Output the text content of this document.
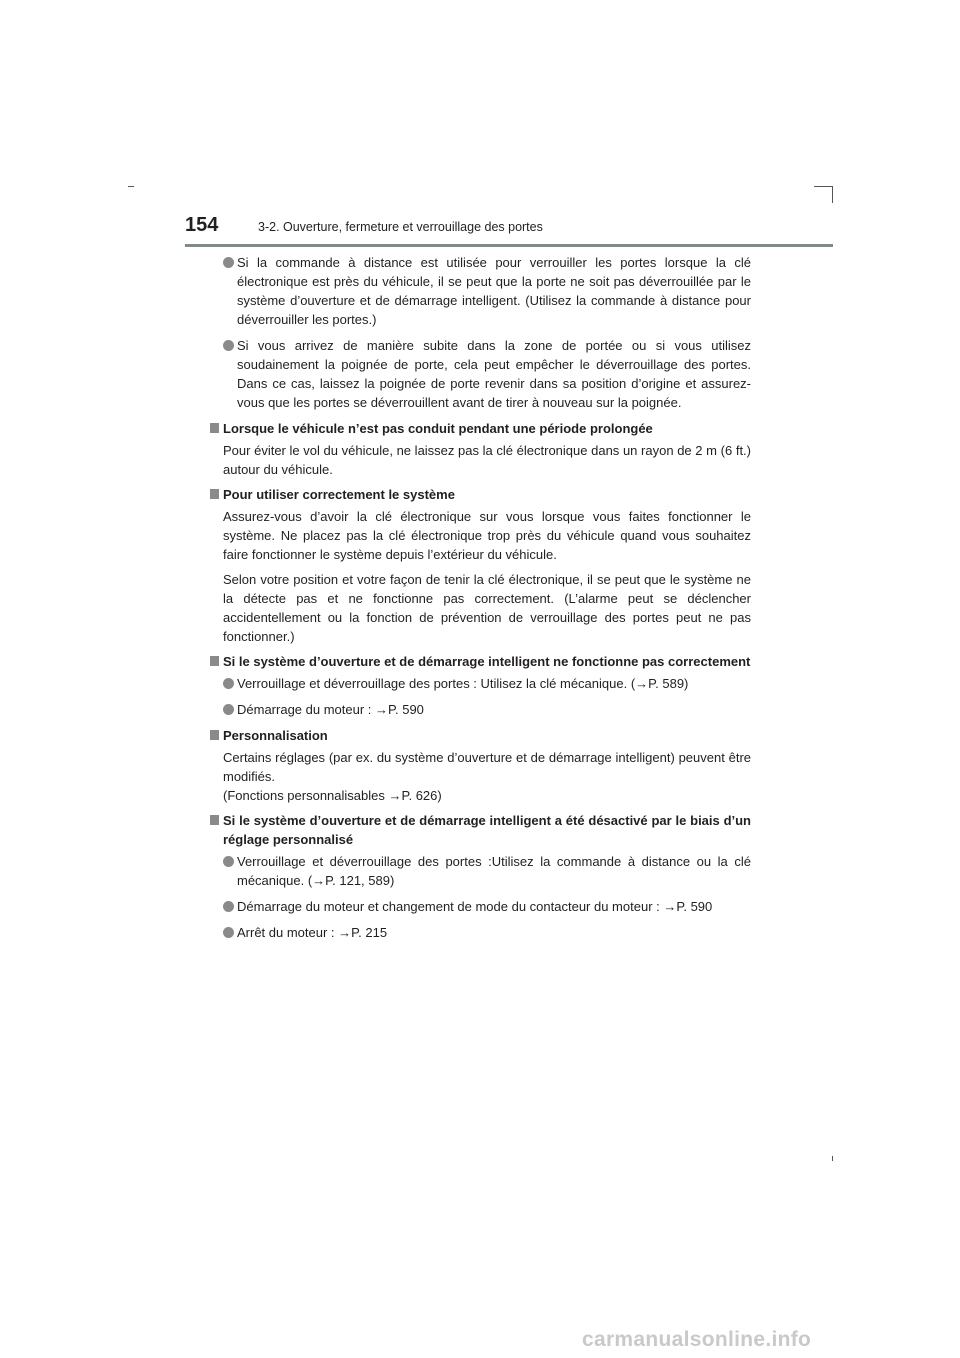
154	3-2. Ouverture, fermeture et verrouillage des portes
Si la commande à distance est utilisée pour verrouiller les portes lorsque la clé électronique est près du véhicule, il se peut que la porte ne soit pas déverrouillée par le système d’ouverture et de démarrage intelligent. (Utilisez la commande à distance pour déverrouiller les portes.)
Si vous arrivez de manière subite dans la zone de portée ou si vous utilisez soudainement la poignée de porte, cela peut empêcher le déverrouillage des portes. Dans ce cas, laissez la poignée de porte revenir dans sa position d’origine et assurez-vous que les portes se déverrouillent avant de tirer à nouveau sur la poignée.
Lorsque le véhicule n’est pas conduit pendant une période prolongée
Pour éviter le vol du véhicule, ne laissez pas la clé électronique dans un rayon de 2 m (6 ft.) autour du véhicule.
Pour utiliser correctement le système
Assurez-vous d’avoir la clé électronique sur vous lorsque vous faites fonctionner le système. Ne placez pas la clé électronique trop près du véhicule quand vous souhaitez faire fonctionner le système depuis l’extérieur du véhicule.
Selon votre position et votre façon de tenir la clé électronique, il se peut que le système ne la détecte pas et ne fonctionne pas correctement. (L’alarme peut se déclencher accidentellement ou la fonction de prévention de verrouillage des portes peut ne pas fonctionner.)
Si le système d’ouverture et de démarrage intelligent ne fonctionne pas correctement
Verrouillage et déverrouillage des portes : Utilisez la clé mécanique. (→P. 589)
Démarrage du moteur : →P. 590
Personnalisation
Certains réglages (par ex. du système d’ouverture et de démarrage intelligent) peuvent être modifiés.
(Fonctions personnalisables →P. 626)
Si le système d’ouverture et de démarrage intelligent a été désactivé par le biais d’un réglage personnalisé
Verrouillage et déverrouillage des portes :Utilisez la commande à distance ou la clé mécanique. (→P. 121, 589)
Démarrage du moteur et changement de mode du contacteur du moteur : →P. 590
Arrêt du moteur : →P. 215
carmanualsonline.info
